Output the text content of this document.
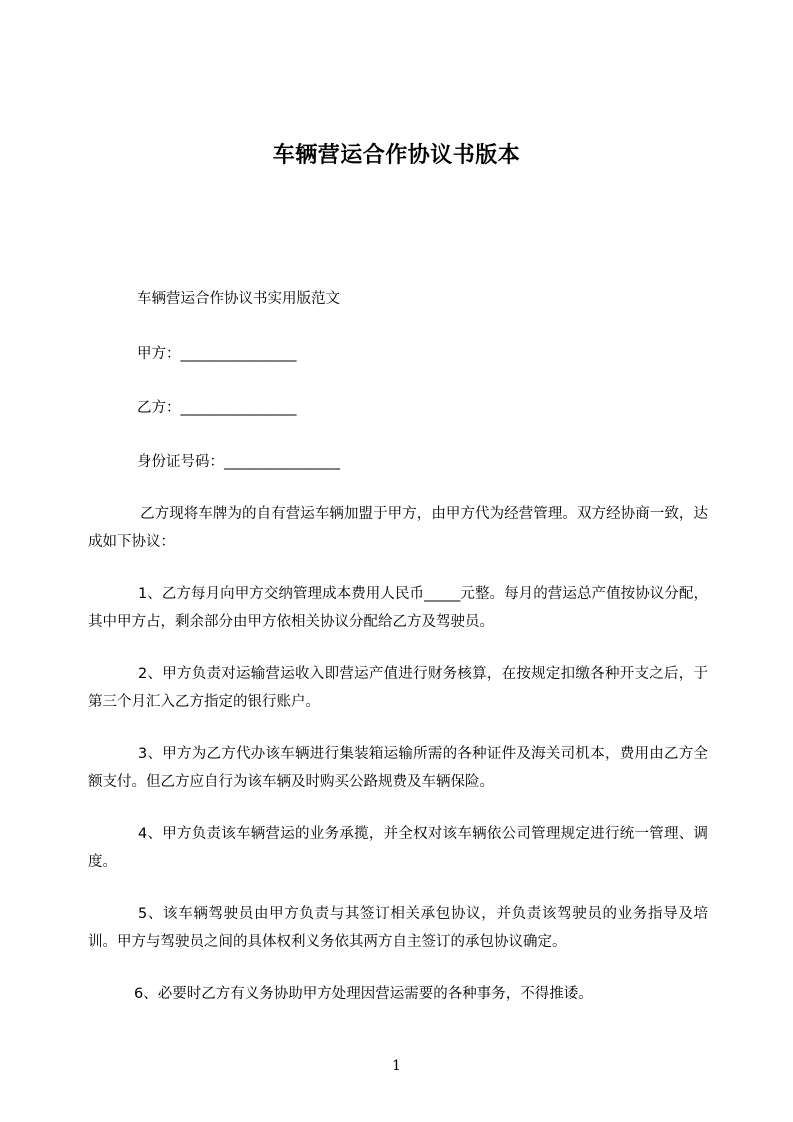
车辆营运合作协议书版本
车辆营运合作协议书实用版范文
甲方：________________
乙方：________________
身份证号码：________________
乙方现将车牌为的自有营运车辆加盟于甲方，由甲方代为经营管理。双方经协商一致，达成如下协议：
1、乙方每月向甲方交纳管理成本费用人民币_____元整。每月的营运总产值按协议分配，其中甲方占，剩余部分由甲方依相关协议分配给乙方及驾驶员。
2、甲方负责对运输营运收入即营运产值进行财务核算，在按规定扣缴各种开支之后，于第三个月汇入乙方指定的银行账户。
3、甲方为乙方代办该车辆进行集装箱运输所需的各种证件及海关司机本，费用由乙方全额支付。但乙方应自行为该车辆及时购买公路规费及车辆保险。
4、甲方负责该车辆营运的业务承揽，并全权对该车辆依公司管理规定进行统一管理、调度。
5、该车辆驾驶员由甲方负责与其签订相关承包协议，并负责该驾驶员的业务指导及培训。甲方与驾驶员之间的具体权利义务依其两方自主签订的承包协议确定。
6、必要时乙方有义务协助甲方处理因营运需要的各种事务，不得推诿。
1
